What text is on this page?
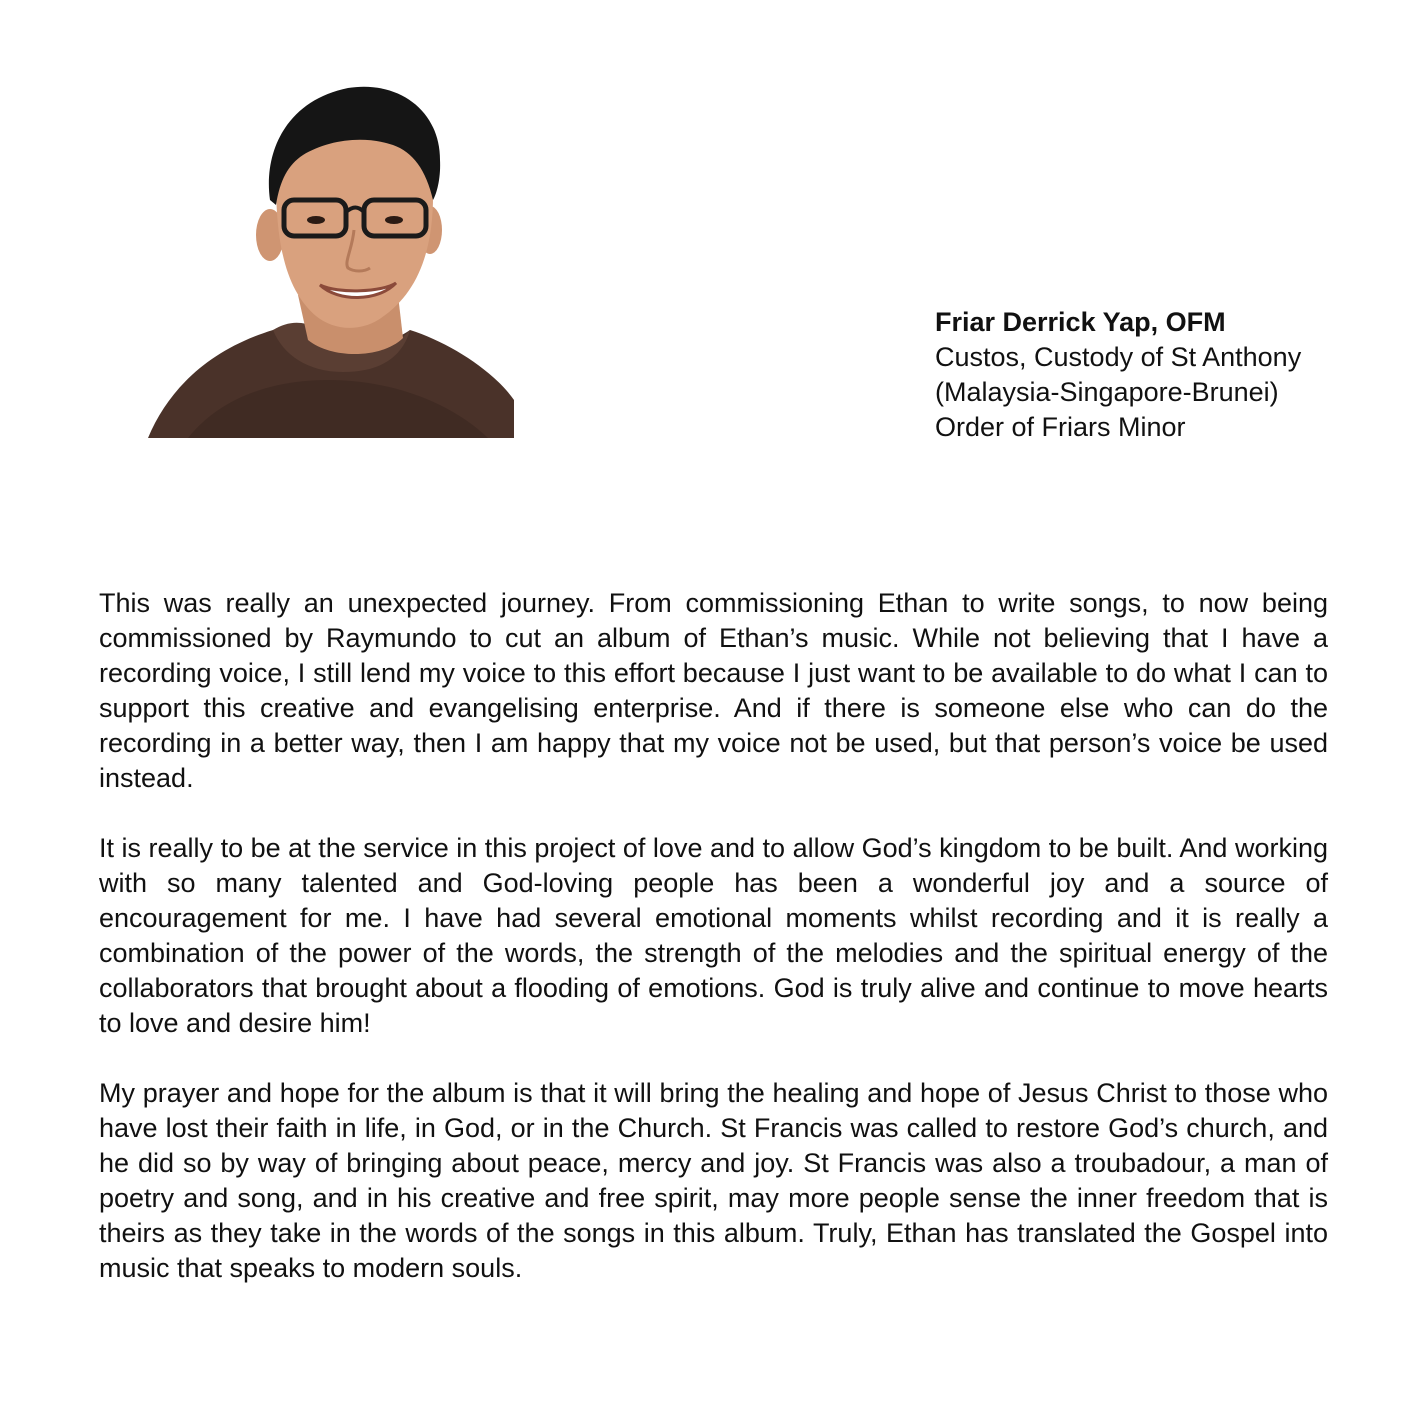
Friar Derrick Yap, OFM
Custos, Custody of St Anthony
(Malaysia-Singapore-Brunei)
Order of Friars Minor

This was really an unexpected journey. From commissioning Ethan to write songs, to now being commissioned by Raymundo to cut an album of Ethan’s music. While not believing that I have a recording voice, I still lend my voice to this effort because I just want to be available to do what I can to support this creative and evangelising enterprise. And if there is someone else who can do the recording in a better way, then I am happy that my voice not be used, but that person’s voice be used instead.

It is really to be at the service in this project of love and to allow God’s kingdom to be built. And working with so many talented and God-loving people has been a wonderful joy and a source of encouragement for me. I have had several emotional moments whilst recording and it is really a combination of the power of the words, the strength of the melodies and the spiritual energy of the collaborators that brought about a flooding of emotions. God is truly alive and continue to move hearts to love and desire him!

My prayer and hope for the album is that it will bring the healing and hope of Jesus Christ to those who have lost their faith in life, in God, or in the Church. St Francis was called to restore God’s church, and he did so by way of bringing about peace, mercy and joy. St Francis was also a troubadour, a man of poetry and song, and in his creative and free spirit, may more people sense the inner freedom that is theirs as they take in the words of the songs in this album. Truly, Ethan has translated the Gospel into music that speaks to modern souls.
